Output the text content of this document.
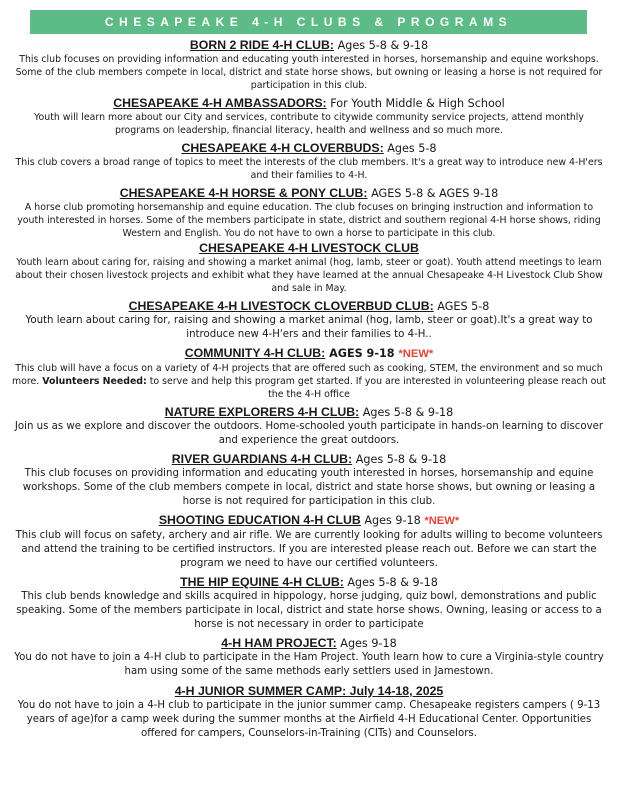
CHESAPEAKE 4-H CLUBS & PROGRAMS
BORN 2 RIDE 4-H CLUB: Ages 5-8 & 9-18
This club focuses on providing information and educating youth interested in horses, horsemanship and equine workshops. Some of the club members compete in local, district and state horse shows, but owning or leasing a horse is not required for participation in this club.
CHESAPEAKE 4-H AMBASSADORS: For Youth Middle & High School
Youth will learn more about our City and services, contribute to citywide community service projects, attend monthly programs on leadership, financial literacy, health and wellness and so much more.
CHESAPEAKE 4-H CLOVERBUDS: Ages 5-8
This club covers a broad range of topics to meet the interests of the club members. It's a great way to introduce new 4-H'ers and their families to 4-H.
CHESAPEAKE 4-H HORSE & PONY CLUB: AGES 5-8 & AGES 9-18
A horse club promoting horsemanship and equine education. The club focuses on bringing instruction and information to youth interested in horses. Some of the members participate in state, district and southern regional 4-H horse shows, riding Western and English. You do not have to own a horse to participate in this club.
CHESAPEAKE 4-H LIVESTOCK CLUB
Youth learn about caring for, raising and showing a market animal (hog, lamb, steer or goat). Youth attend meetings to learn about their chosen livestock projects and exhibit what they have learned at the annual Chesapeake 4-H Livestock Club Show and sale in May.
CHESAPEAKE 4-H LIVESTOCK CLOVERBUD CLUB: AGES 5-8
Youth learn about caring for, raising and showing a market animal (hog, lamb, steer or goat).It's a great way to introduce new 4-H'ers and their families to 4-H..
COMMUNITY 4-H CLUB: AGES 9-18 *NEW*
This club will have a focus on a variety of 4-H projects that are offered such as cooking, STEM, the environment and so much more. Volunteers Needed: to serve and help this program get started. If you are interested in volunteering please reach out the the 4-H office
NATURE EXPLORERS 4-H CLUB: Ages 5-8 & 9-18
Join us as we explore and discover the outdoors. Home-schooled youth participate in hands-on learning to discover and experience the great outdoors.
RIVER GUARDIANS 4-H CLUB: Ages 5-8 & 9-18
This club focuses on providing information and educating youth interested in horses, horsemanship and equine workshops. Some of the club members compete in local, district and state horse shows, but owning or leasing a horse is not required for participation in this club.
SHOOTING EDUCATION 4-H CLUB Ages 9-18 *NEW*
This club will focus on safety, archery and air rifle. We are currently looking for adults willing to become volunteers and attend the training to be certified instructors. If you are interested please reach out. Before we can start the program we need to have our certified volunteers.
THE HIP EQUINE 4-H CLUB: Ages 5-8 & 9-18
This club bends knowledge and skills acquired in hippology, horse judging, quiz bowl, demonstrations and public speaking. Some of the members participate in local, district and state horse shows. Owning, leasing or access to a horse is not necessary in order to participate
4-H HAM PROJECT: Ages 9-18
You do not have to join a 4-H club to participate in the Ham Project. Youth learn how to cure a Virginia-style country ham using some of the same methods early settlers used in Jamestown.
4-H JUNIOR SUMMER CAMP: July 14-18, 2025
You do not have to join a 4-H club to participate in the junior summer camp. Chesapeake registers campers ( 9-13 years of age)for a camp week during the summer months at the Airfield 4-H Educational Center. Opportunities offered for campers, Counselors-in-Training (CITs) and Counselors.
